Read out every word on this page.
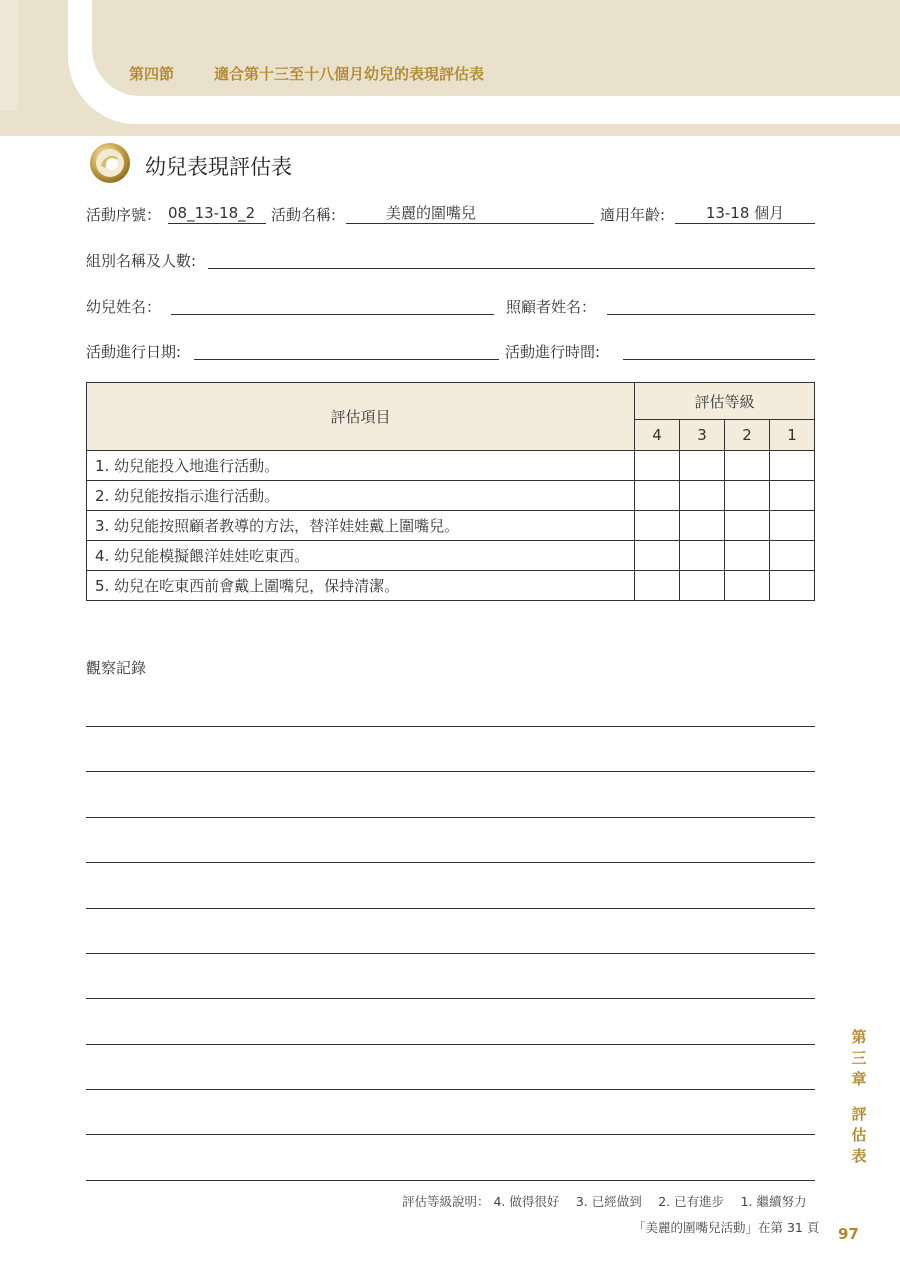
第四節	適合第十三至十八個月幼兒的表現評估表
幼兒表現評估表
活動序號： 08_13-18_2	活動名稱:	美麗的圍嘴兒	適用年齡:	13-18 個月
組別名稱及人數:
幼兒姓名：	照顧者姓名：
活動進行日期:	活動進行時間:
評估項目	評估等級			
	4	3	2	1
1. 幼兒能投入地進行活動。				
2. 幼兒能按指示進行活動。				
3. 幼兒能按照顧者教導的方法，替洋娃娃戴上圍嘴兒。				
4. 幼兒能模擬餵洋娃娃吃東西。				
5. 幼兒在吃東西前會戴上圍嘴兒，保持清潔。				
觀察記錄
評估等級說明： 4. 做得很好　 3. 已經做到　 2. 已有進步　 1. 繼續努力
「美麗的圍嘴兒活動」在第 31 頁 97
第
三
章
評
估
表
